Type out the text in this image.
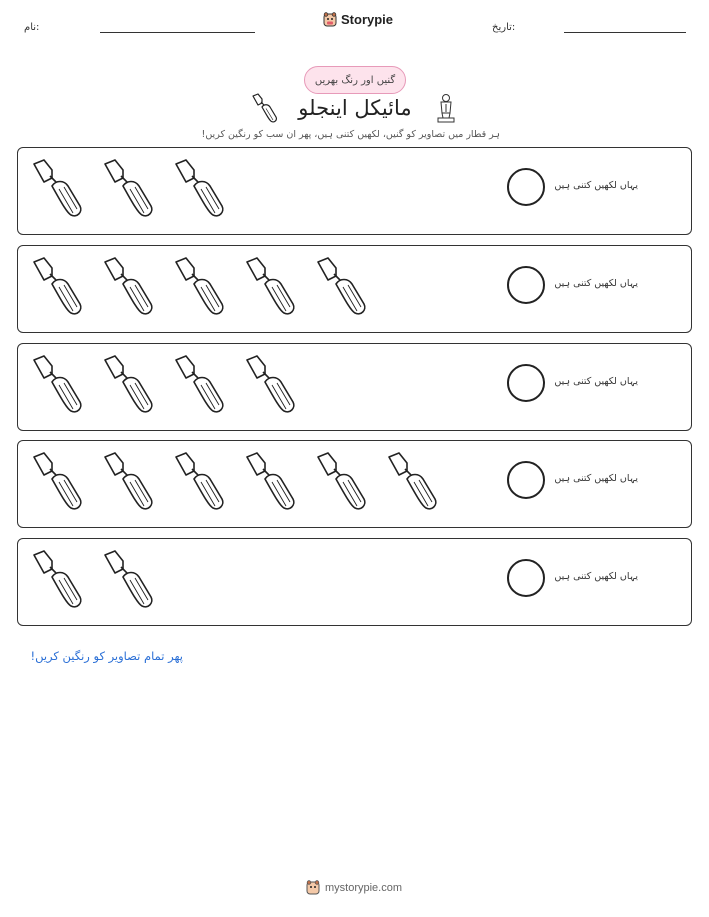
نام:
Storypie
تاریخ:
گنیں اور رنگ بھریں
مائیکل اینجلو
ہر قطار میں تصاویر کو گنیں، لکھیں کتنی ہیں، پھر ان سب کو رنگین کریں!
یہاں لکھیں کتنی ہیں
یہاں لکھیں کتنی ہیں
یہاں لکھیں کتنی ہیں
یہاں لکھیں کتنی ہیں
یہاں لکھیں کتنی ہیں
پھر تمام تصاویر کو رنگین کریں!
mystorypie.com
